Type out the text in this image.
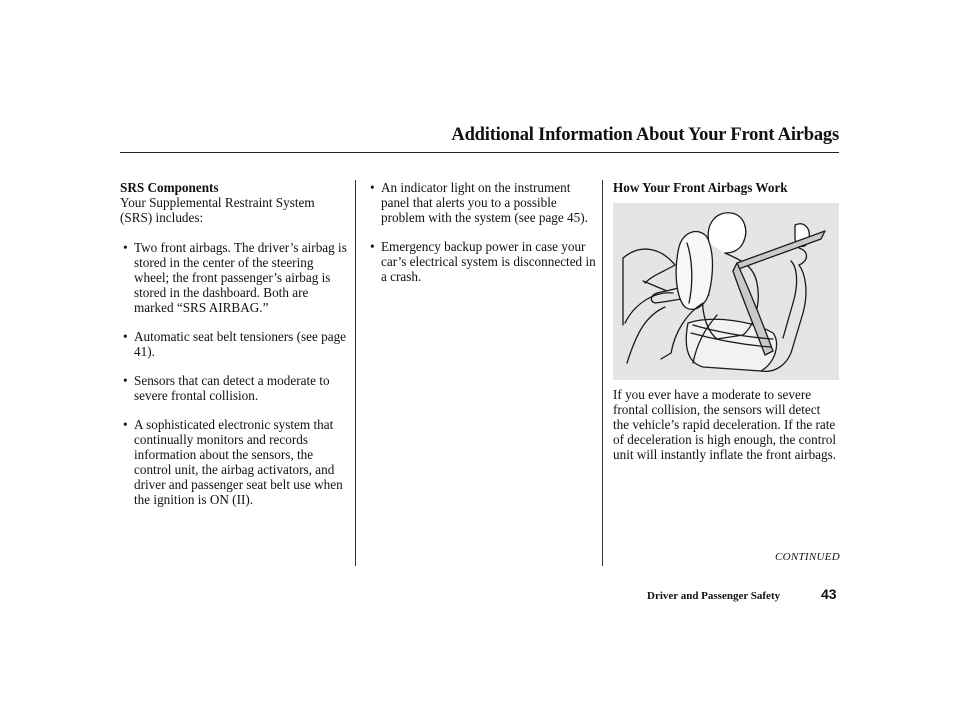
Additional Information About Your Front Airbags

SRS Components

Your Supplemental Restraint System (SRS) includes:

• Two front airbags. The driver’s airbag is stored in the center of the steering wheel; the front passenger’s airbag is stored in the dashboard. Both are marked “SRS AIRBAG.”
• Automatic seat belt tensioners (see page 41).
• Sensors that can detect a moderate to severe frontal collision.
• A sophisticated electronic system that continually monitors and records information about the sensors, the control unit, the airbag activators, and driver and passenger seat belt use when the ignition is ON (II).
• An indicator light on the instrument panel that alerts you to a possible problem with the system (see page 45).
• Emergency backup power in case your car’s electrical system is disconnected in a crash.

How Your Front Airbags Work

If you ever have a moderate to severe frontal collision, the sensors will detect the vehicle’s rapid deceleration. If the rate of deceleration is high enough, the control unit will instantly inflate the front airbags.

CONTINUED
Driver and Passenger Safety	43
